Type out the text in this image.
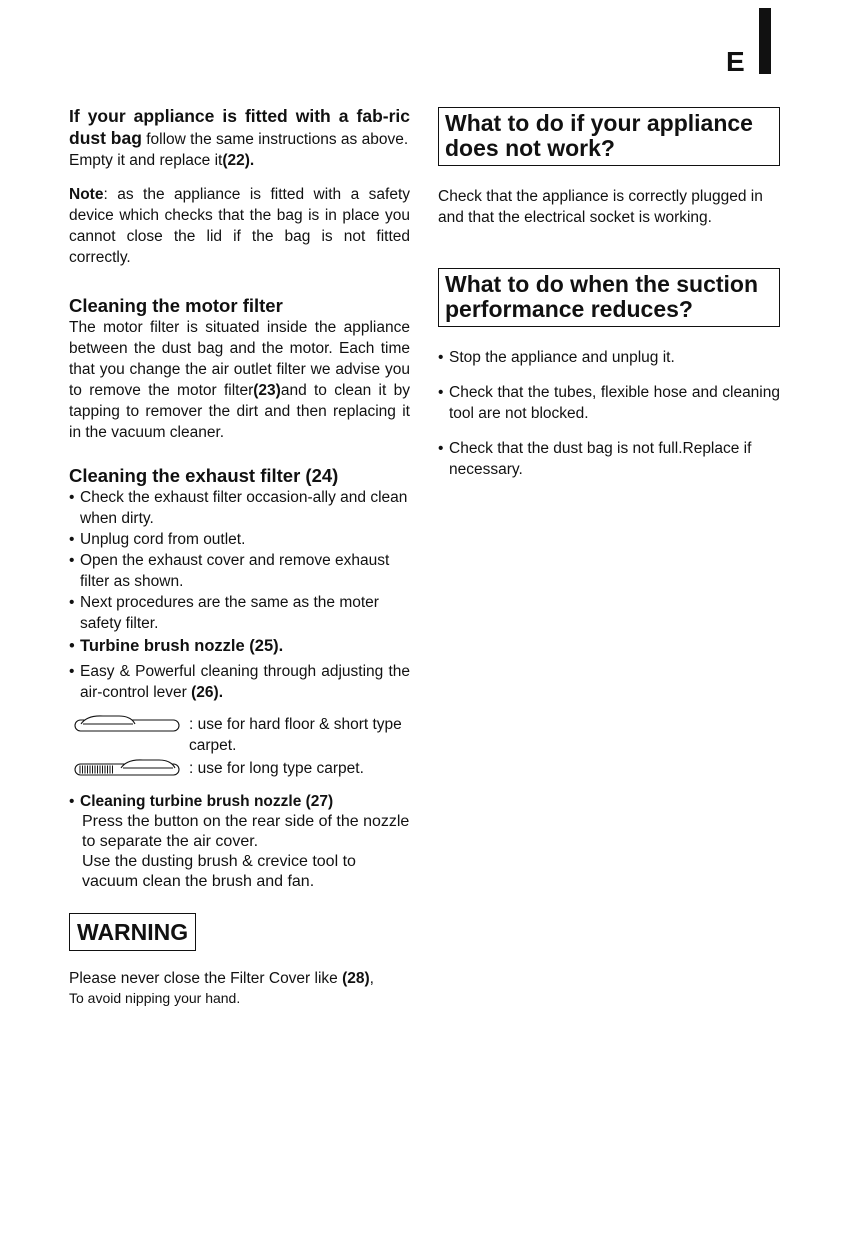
E

If your appliance is fitted with a fab-ric dust bag follow the same instructions as above.

Empty it and replace it(22).

Note: as the appliance is fitted with a safety device which checks that the bag is in place you cannot close the lid if the bag is not fitted correctly.

Cleaning the motor filter

The motor filter is situated inside the appliance between the dust bag and the motor. Each time that you change the air outlet filter we advise you to remove the motor filter(23)and to clean it by tapping to remover the dirt and then replacing it in the vacuum cleaner.

Cleaning the exhaust filter (24)

• Check the exhaust filter occasion-ally and clean when dirty.

• Unplug cord from outlet.

• Open the exhaust cover and remove exhaust filter as shown.

• Next procedures are the same as the moter safety filter.

• Turbine brush nozzle (25).

• Easy & Powerful cleaning through adjusting the air-control lever (26).

: use for hard floor & short type carpet.
: use for long type carpet.

• Cleaning turbine brush nozzle (27)

Press the button on the rear side of the nozzle to separate the air cover.

Use the dusting brush & crevice tool to vacuum clean the brush and fan.

WARNING

Please never close the Filter Cover like (28),

To avoid nipping your hand.

What to do if your appliance does not work?

Check that the appliance is correctly plugged in and that the electrical socket is working.

What to do when the suction performance reduces?

• Stop the appliance and unplug it.

• Check that the tubes, flexible hose and cleaning tool are not blocked.

• Check that the dust bag is not full.Replace if necessary.
